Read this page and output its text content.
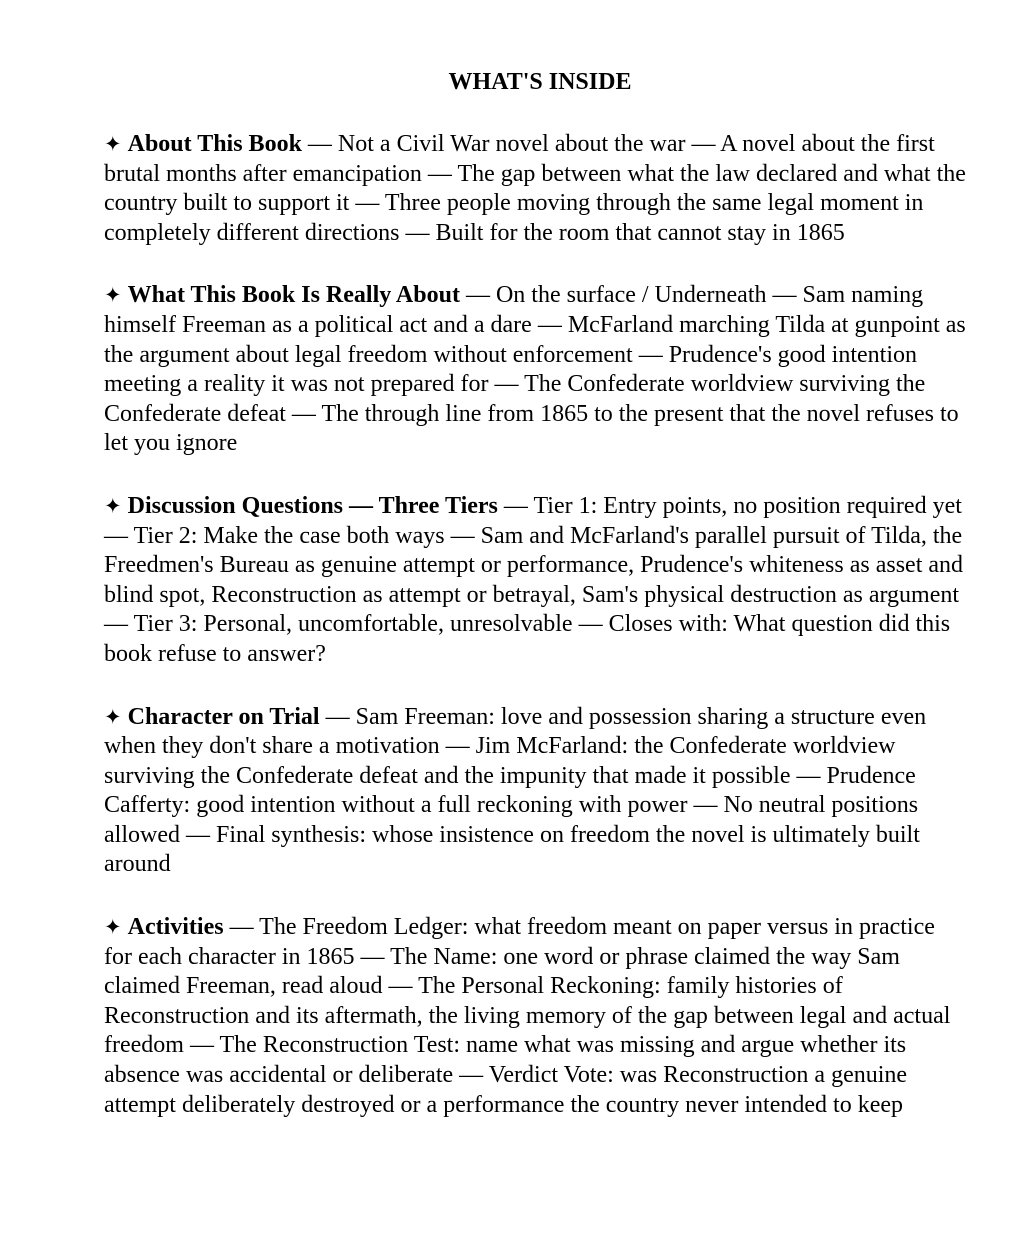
WHAT'S INSIDE

✦ About This Book — Not a Civil War novel about the war — A novel about the first brutal months after emancipation — The gap between what the law declared and what the country built to support it — Three people moving through the same legal moment in completely different directions — Built for the room that cannot stay in 1865

✦ What This Book Is Really About — On the surface / Underneath — Sam naming himself Freeman as a political act and a dare — McFarland marching Tilda at gunpoint as the argument about legal freedom without enforcement — Prudence's good intention meeting a reality it was not prepared for — The Confederate worldview surviving the Confederate defeat — The through line from 1865 to the present that the novel refuses to let you ignore

✦ Discussion Questions — Three Tiers — Tier 1: Entry points, no position required yet — Tier 2: Make the case both ways — Sam and McFarland's parallel pursuit of Tilda, the Freedmen's Bureau as genuine attempt or performance, Prudence's whiteness as asset and blind spot, Reconstruction as attempt or betrayal, Sam's physical destruction as argument — Tier 3: Personal, uncomfortable, unresolvable — Closes with: What question did this book refuse to answer?

✦ Character on Trial — Sam Freeman: love and possession sharing a structure even when they don't share a motivation — Jim McFarland: the Confederate worldview surviving the Confederate defeat and the impunity that made it possible — Prudence Cafferty: good intention without a full reckoning with power — No neutral positions allowed — Final synthesis: whose insistence on freedom the novel is ultimately built around

✦ Activities — The Freedom Ledger: what freedom meant on paper versus in practice for each character in 1865 — The Name: one word or phrase claimed the way Sam claimed Freeman, read aloud — The Personal Reckoning: family histories of Reconstruction and its aftermath, the living memory of the gap between legal and actual freedom — The Reconstruction Test: name what was missing and argue whether its absence was accidental or deliberate — Verdict Vote: was Reconstruction a genuine attempt deliberately destroyed or a performance the country never intended to keep
